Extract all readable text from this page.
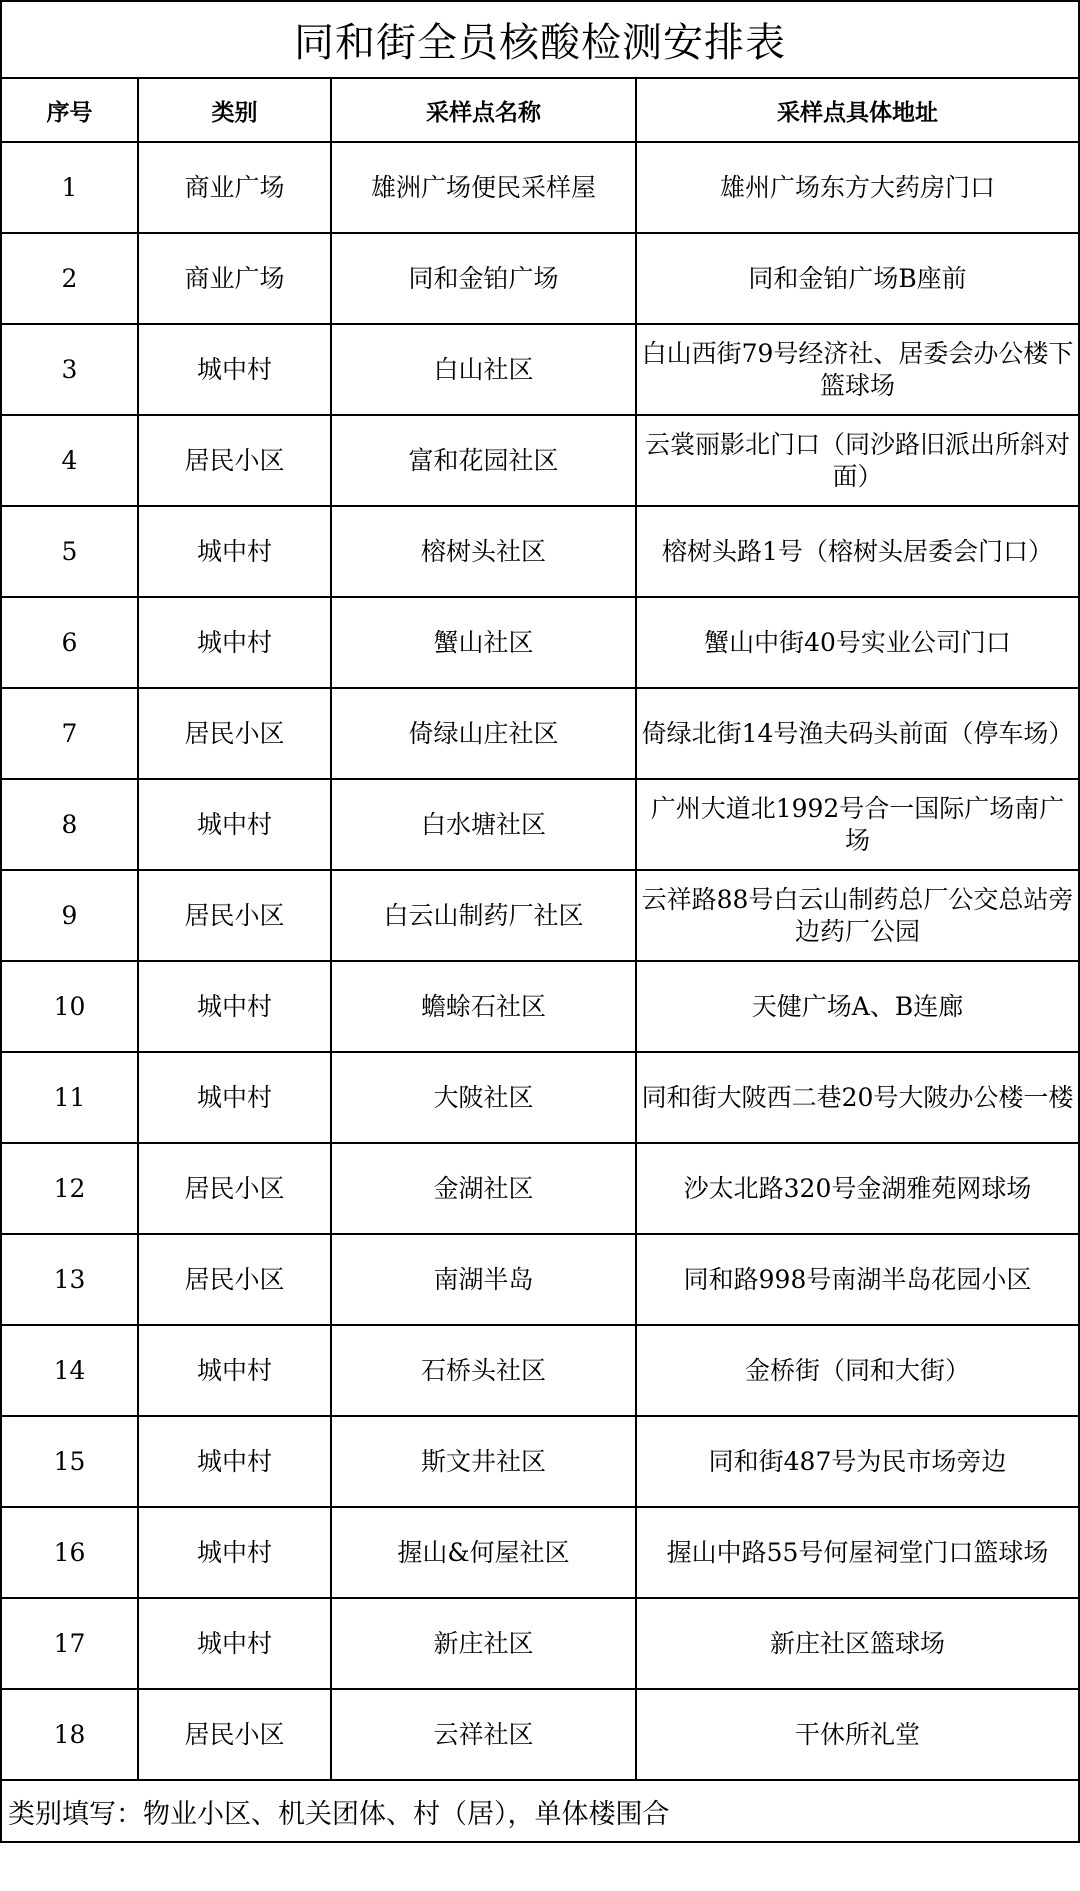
同和街全员核酸检测安排表			
序号	类别	采样点名称	采样点具体地址
1	商业广场	雄洲广场便民采样屋	雄州广场东方大药房门口
2	商业广场	同和金铂广场	同和金铂广场B座前
3	城中村	白山社区	白山西街79号经济社、居委会办公楼下篮球场
4	居民小区	富和花园社区	云裳丽影北门口（同沙路旧派出所斜对面）
5	城中村	榕树头社区	榕树头路1号（榕树头居委会门口）
6	城中村	蟹山社区	蟹山中街40号实业公司门口
7	居民小区	倚绿山庄社区	倚绿北街14号渔夫码头前面（停车场）
8	城中村	白水塘社区	广州大道北1992号合一国际广场南广场
9	居民小区	白云山制药厂社区	云祥路88号白云山制药总厂公交总站旁边药厂公园
10	城中村	蟾蜍石社区	天健广场A、B连廊
11	城中村	大陂社区	同和街大陂西二巷20号大陂办公楼一楼
12	居民小区	金湖社区	沙太北路320号金湖雅苑网球场
13	居民小区	南湖半岛	同和路998号南湖半岛花园小区
14	城中村	石桥头社区	金桥街（同和大街）
15	城中村	斯文井社区	同和街487号为民市场旁边
16	城中村	握山&何屋社区	握山中路55号何屋祠堂门口篮球场
17	城中村	新庄社区	新庄社区篮球场
18	居民小区	云祥社区	干休所礼堂
类别填写：物业小区、机关团体、村（居），单体楼围合			
